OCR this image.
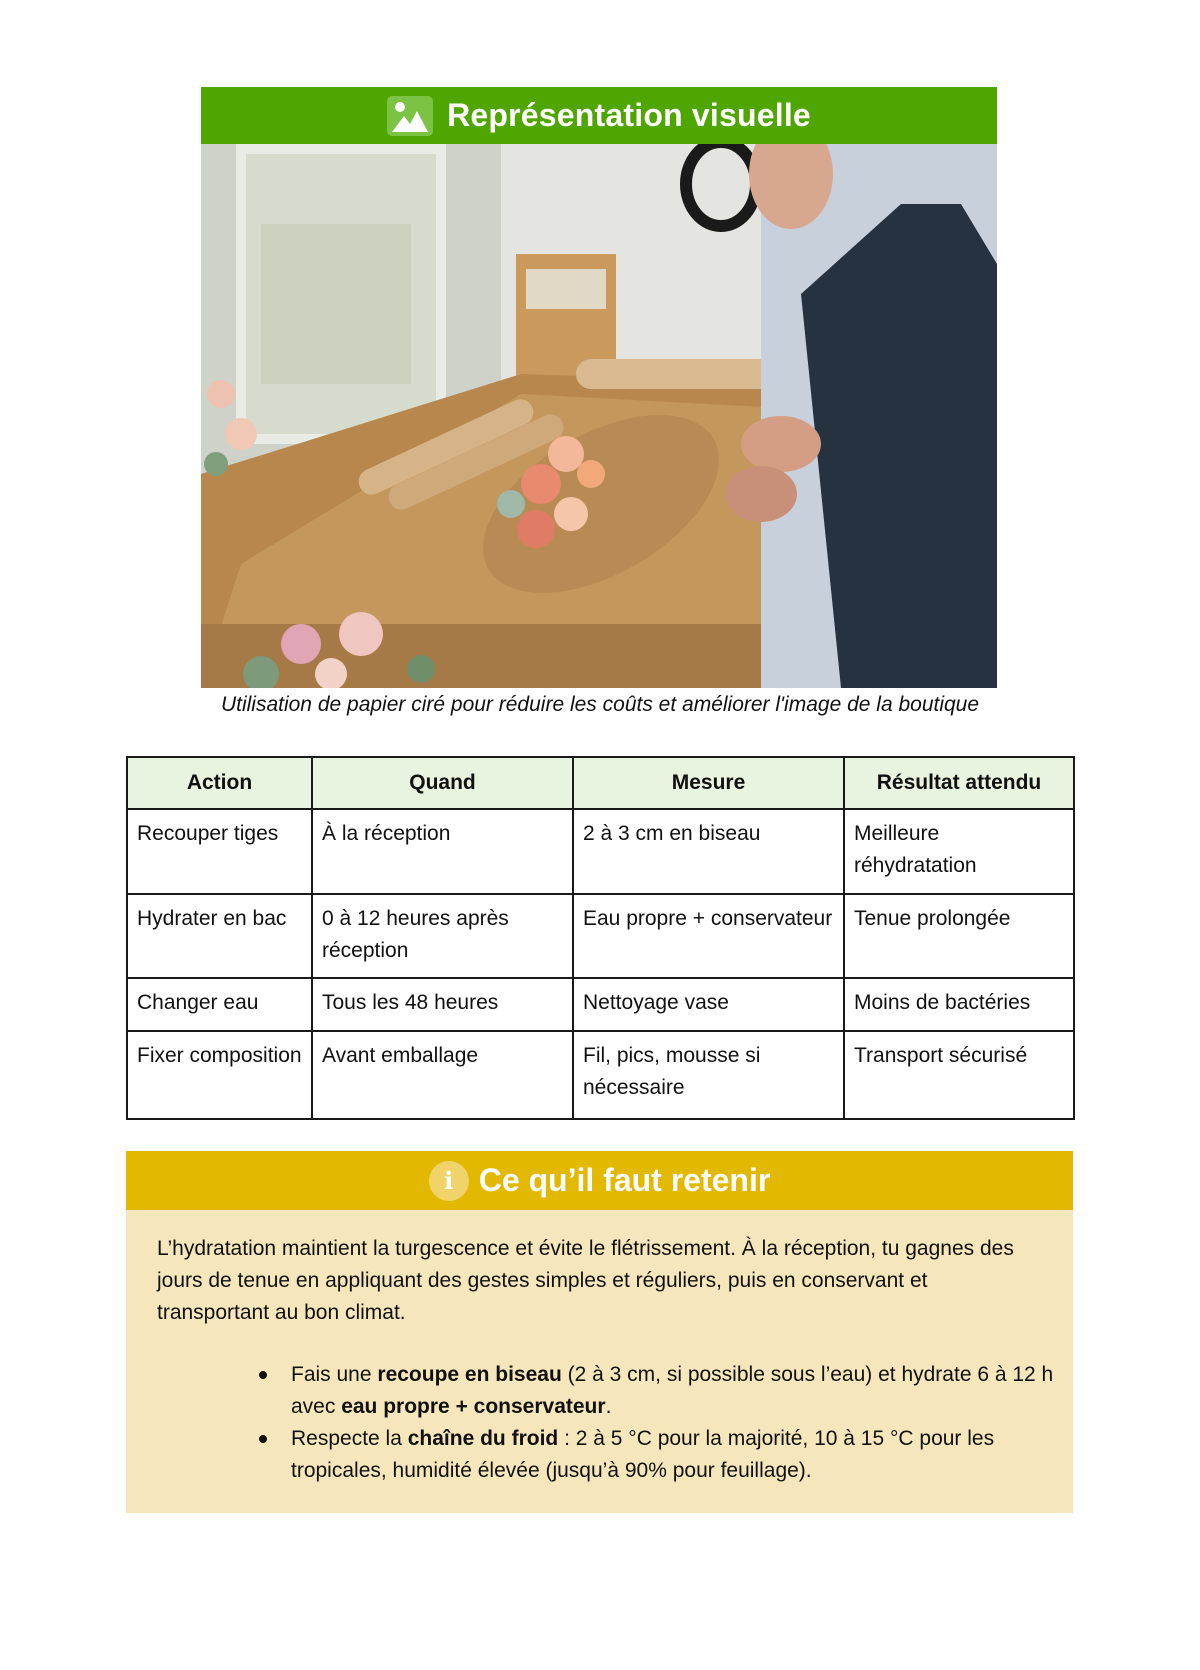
Représentation visuelle
Utilisation de papier ciré pour réduire les coûts et améliorer l'image de la boutique
Action	Quand	Mesure	Résultat attendu
Recouper tiges	À la réception	2 à 3 cm en biseau	Meilleure réhydratation
Hydrater en bac	0 à 12 heures après réception	Eau propre + conservateur	Tenue prolongée
Changer eau	Tous les 48 heures	Nettoyage vase	Moins de bactéries
Fixer composition	Avant emballage	Fil, pics, mousse si nécessaire	Transport sécurisé
i Ce qu’il faut retenir
L’hydratation maintient la turgescence et évite le flétrissement. À la réception, tu gagnes des jours de tenue en appliquant des gestes simples et réguliers, puis en conservant et transportant au bon climat.
Fais une recoupe en biseau (2 à 3 cm, si possible sous l’eau) et hydrate 6 à 12 h avec eau propre + conservateur.
Respecte la chaîne du froid : 2 à 5 °C pour la majorité, 10 à 15 °C pour les tropicales, humidité élevée (jusqu’à 90% pour feuillage).
